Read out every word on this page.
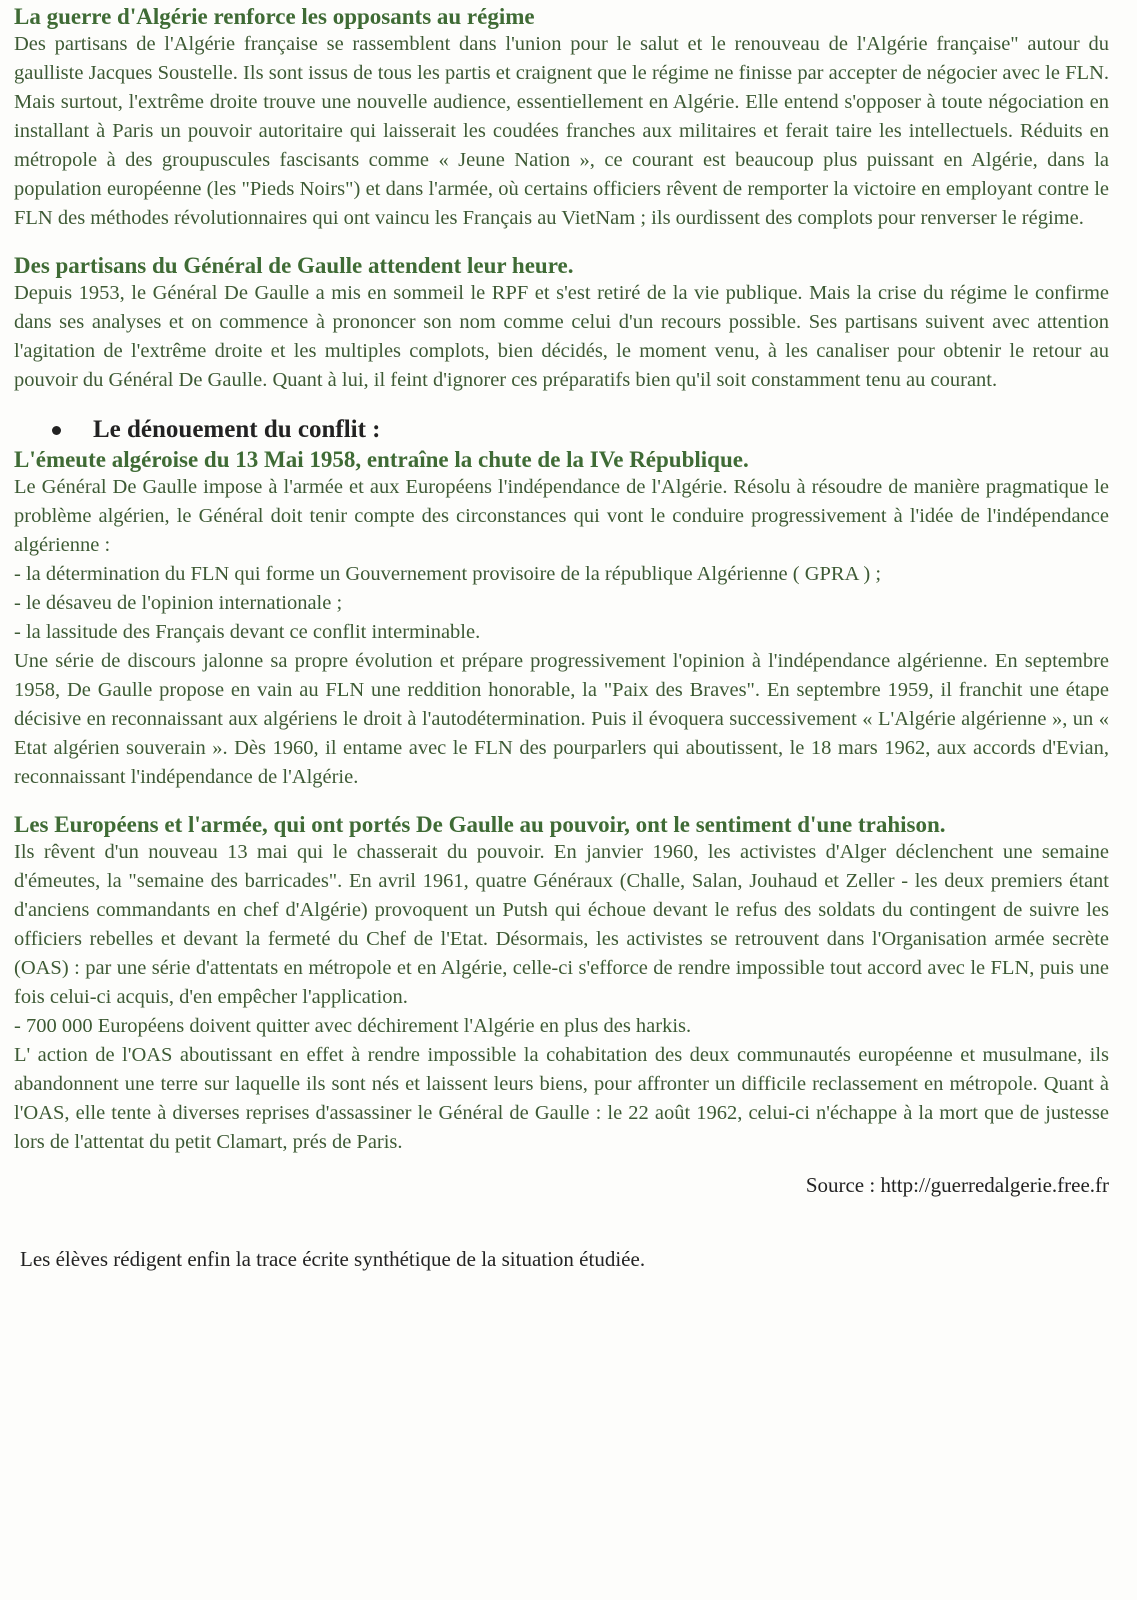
La guerre d'Algérie renforce les opposants au régime

Des partisans de l'Algérie française se rassemblent dans l'union pour le salut et le renouveau de l'Algérie française" autour du gaulliste Jacques Soustelle. Ils sont issus de tous les partis et craignent que le régime ne finisse par accepter de négocier avec le FLN. Mais surtout, l'extrême droite trouve une nouvelle audience, essentiellement en Algérie. Elle entend s'opposer à toute négociation en installant à Paris un pouvoir autoritaire qui laisserait les coudées franches aux militaires et ferait taire les intellectuels. Réduits en métropole à des groupuscules fascisants comme « Jeune Nation », ce courant est beaucoup plus puissant en Algérie, dans la population européenne (les "Pieds Noirs") et dans l'armée, où certains officiers rêvent de remporter la victoire en employant contre le FLN des méthodes révolutionnaires qui ont vaincu les Français au VietNam ; ils ourdissent des complots pour renverser le régime.

Des partisans du Général de Gaulle attendent leur heure.

Depuis 1953, le Général De Gaulle a mis en sommeil le RPF et s'est retiré de la vie publique. Mais la crise du régime le confirme dans ses analyses et on commence à prononcer son nom comme celui d'un recours possible. Ses partisans suivent avec attention l'agitation de l'extrême droite et les multiples complots, bien décidés, le moment venu, à les canaliser pour obtenir le retour au pouvoir du Général De Gaulle. Quant à lui, il feint d'ignorer ces préparatifs bien qu'il soit constamment tenu au courant.

Le dénouement du conflit :
L'émeute algéroise du 13 Mai 1958, entraîne la chute de la IVe République.

Le Général De Gaulle impose à l'armée et aux Européens l'indépendance de l'Algérie. Résolu à résoudre de manière pragmatique le problème algérien, le Général doit tenir compte des circonstances qui vont le conduire progressivement à l'idée de l'indépendance algérienne :

- la détermination du FLN qui forme un Gouvernement provisoire de la république Algérienne ( GPRA ) ;

- le désaveu de l'opinion internationale ;

- la lassitude des Français devant ce conflit interminable.

Une série de discours jalonne sa propre évolution et prépare progressivement l'opinion à l'indépendance algérienne. En septembre 1958, De Gaulle propose en vain au FLN une reddition honorable, la "Paix des Braves". En septembre 1959, il franchit une étape décisive en reconnaissant aux algériens le droit à l'autodétermination. Puis il évoquera successivement « L'Algérie algérienne », un « Etat algérien souverain ». Dès 1960, il entame avec le FLN des pourparlers qui aboutissent, le 18 mars 1962, aux accords d'Evian, reconnaissant l'indépendance de l'Algérie.

Les Européens et l'armée, qui ont portés De Gaulle au pouvoir, ont le sentiment d'une trahison.

Ils rêvent d'un nouveau 13 mai qui le chasserait du pouvoir. En janvier 1960, les activistes d'Alger déclenchent une semaine d'émeutes, la "semaine des barricades". En avril 1961, quatre Généraux (Challe, Salan, Jouhaud et Zeller - les deux premiers étant d'anciens commandants en chef d'Algérie) provoquent un Putsh qui échoue devant le refus des soldats du contingent de suivre les officiers rebelles et devant la fermeté du Chef de l'Etat. Désormais, les activistes se retrouvent dans l'Organisation armée secrète (OAS) : par une série d'attentats en métropole et en Algérie, celle-ci s'efforce de rendre impossible tout accord avec le FLN, puis une fois celui-ci acquis, d'en empêcher l'application.

- 700 000 Européens doivent quitter avec déchirement l'Algérie en plus des harkis.

L' action de l'OAS aboutissant en effet à rendre impossible la cohabitation des deux communautés européenne et musulmane, ils abandonnent une terre sur laquelle ils sont nés et laissent leurs biens, pour affronter un difficile reclassement en métropole. Quant à l'OAS, elle tente à diverses reprises d'assassiner le Général de Gaulle : le 22 août 1962, celui-ci n'échappe à la mort que de justesse lors de l'attentat du petit Clamart, prés de Paris.

Source : http://guerredalgerie.free.fr

Les élèves rédigent enfin la trace écrite synthétique de la situation étudiée.
